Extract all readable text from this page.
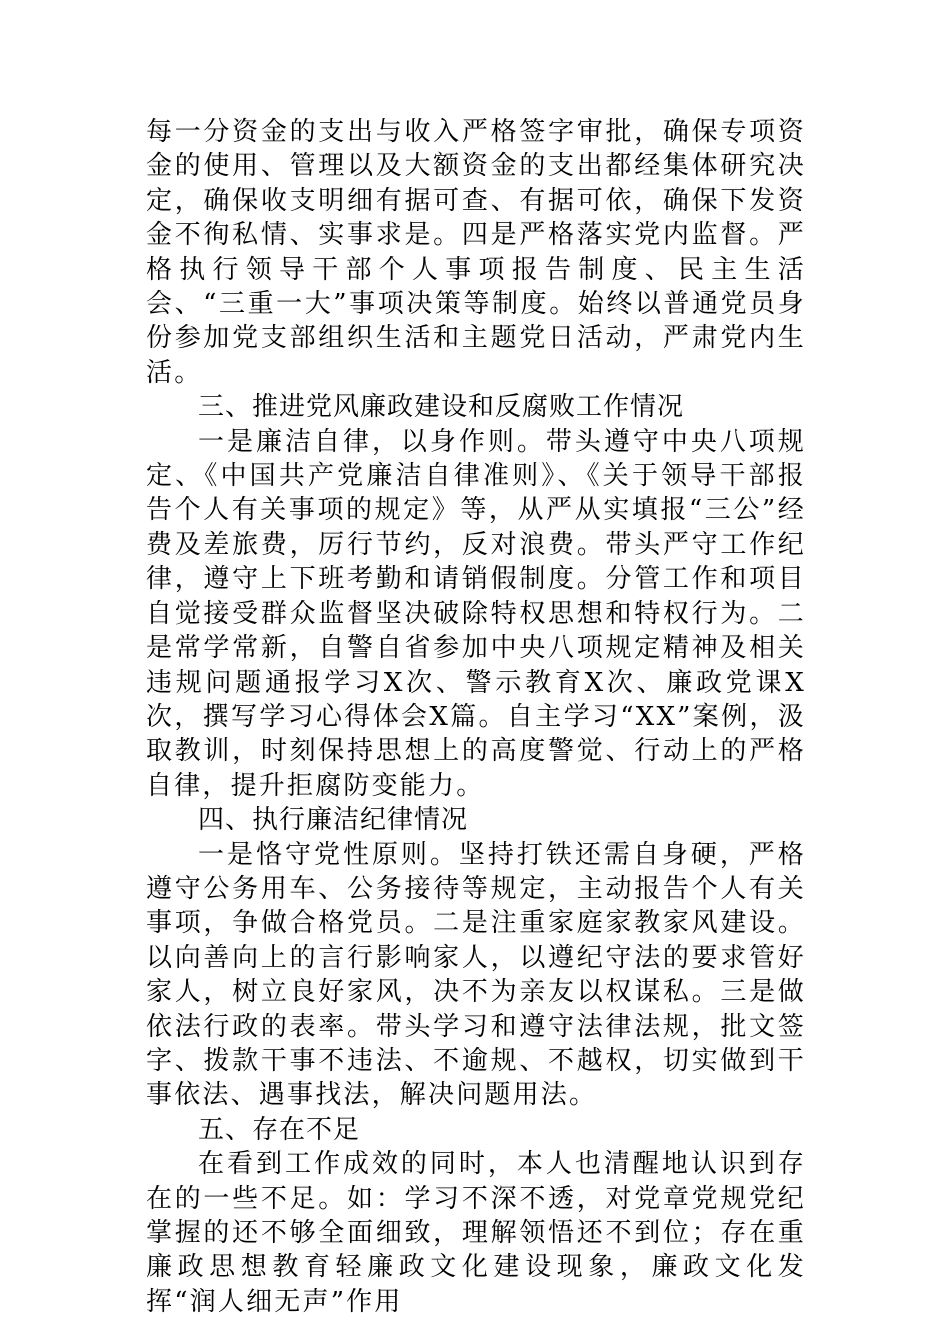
每一分资金的支出与收入严格签字审批，确保专项资金的使用、管理以及大额资金的支出都经集体研究决定，确保收支明细有据可查、有据可依，确保下发资金不徇私情、实事求是。四是严格落实党内监督。严格执行领导干部个人事项报告制度、民主生活会、“三重一大”事项决策等制度。始终以普通党员身份参加党支部组织生活和主题党日活动，严肃党内生活。

三、推进党风廉政建设和反腐败工作情况

一是廉洁自律，以身作则。带头遵守中央八项规定、《中国共产党廉洁自律准则》、《关于领导干部报告个人有关事项的规定》等，从严从实填报“三公”经费及差旅费，厉行节约，反对浪费。带头严守工作纪律，遵守上下班考勤和请销假制度。分管工作和项目自觉接受群众监督坚决破除特权思想和特权行为。二是常学常新，自警自省参加中央八项规定精神及相关违规问题通报学习X次、警示教育X次、廉政党课X次，撰写学习心得体会X篇。自主学习“XX”案例，汲取教训，时刻保持思想上的高度警觉、行动上的严格自律，提升拒腐防变能力。

四、执行廉洁纪律情况

一是恪守党性原则。坚持打铁还需自身硬，严格遵守公务用车、公务接待等规定，主动报告个人有关事项，争做合格党员。二是注重家庭家教家风建设。以向善向上的言行影响家人，以遵纪守法的要求管好家人，树立良好家风，决不为亲友以权谋私。三是做依法行政的表率。带头学习和遵守法律法规，批文签字、拨款干事不违法、不逾规、不越权，切实做到干事依法、遇事找法，解决问题用法。

五、存在不足

在看到工作成效的同时，本人也清醒地认识到存在的一些不足。如：学习不深不透，对党章党规党纪掌握的还不够全面细致，理解领悟还不到位；存在重廉政思想教育轻廉政文化建设现象，廉政文化发挥“润人细无声”作用
